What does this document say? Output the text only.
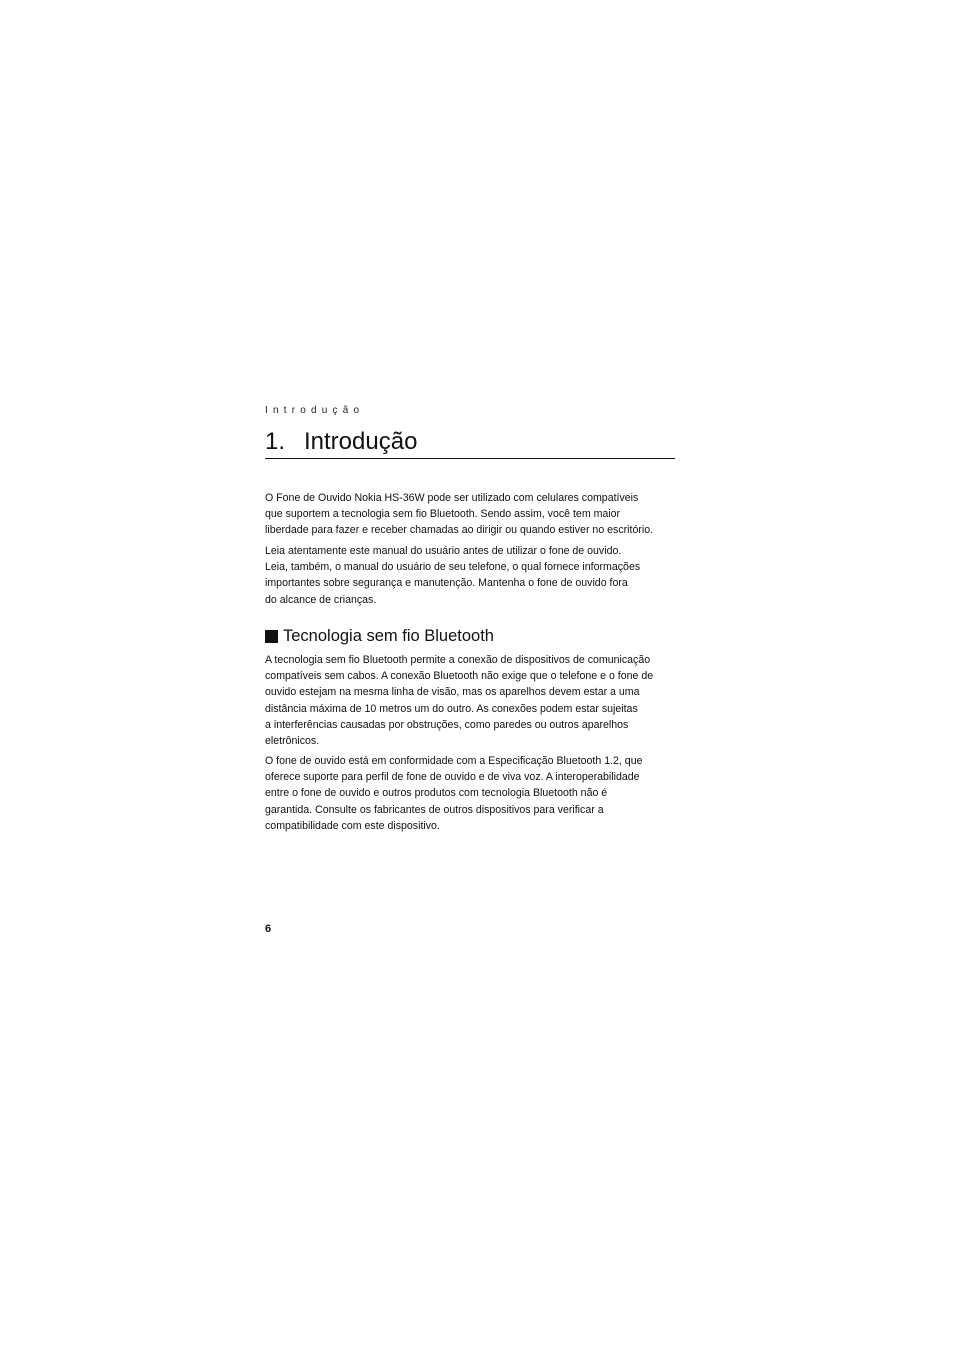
Introdução
1. Introdução

O Fone de Ouvido Nokia HS-36W pode ser utilizado com celulares compatíveis

que suportem a tecnologia sem fio Bluetooth. Sendo assim, você tem maior

liberdade para fazer e receber chamadas ao dirigir ou quando estiver no escritório.

Leia atentamente este manual do usuário antes de utilizar o fone de ouvido.

Leia, também, o manual do usuário de seu telefone, o qual fornece informações

importantes sobre segurança e manutenção. Mantenha o fone de ouvido fora

do alcance de crianças.

Tecnologia sem fio Bluetooth

A tecnologia sem fio Bluetooth permite a conexão de dispositivos de comunicação

compatíveis sem cabos. A conexão Bluetooth não exige que o telefone e o fone de

ouvido estejam na mesma linha de visão, mas os aparelhos devem estar a uma

distância máxima de 10 metros um do outro. As conexões podem estar sujeitas

a interferências causadas por obstruções, como paredes ou outros aparelhos

eletrônicos.

O fone de ouvido está em conformidade com a Especificação Bluetooth 1.2, que

oferece suporte para perfil de fone de ouvido e de viva voz. A interoperabilidade

entre o fone de ouvido e outros produtos com tecnologia Bluetooth não é

garantida. Consulte os fabricantes de outros dispositivos para verificar a

compatibilidade com este dispositivo.

6
